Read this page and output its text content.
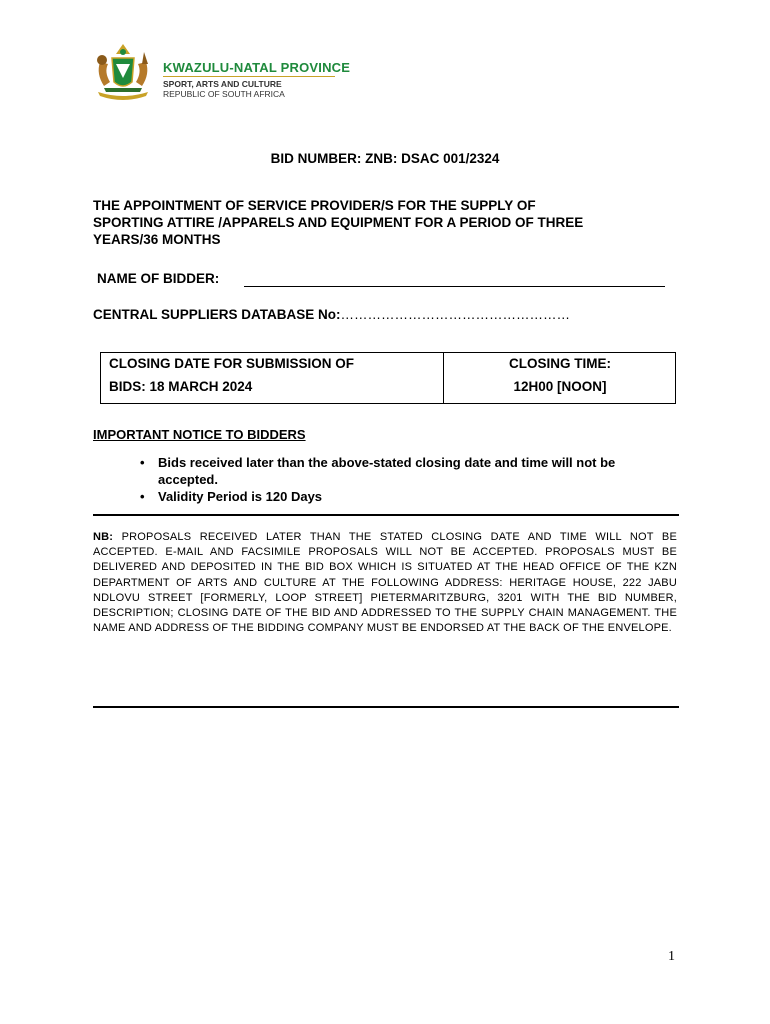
KWAZULU-NATAL PROVINCE
SPORT, ARTS AND CULTURE
REPUBLIC OF SOUTH AFRICA
BID NUMBER: ZNB: DSAC 001/2324
THE APPOINTMENT OF SERVICE PROVIDER/S FOR THE SUPPLY OF
SPORTING ATTIRE /APPARELS AND EQUIPMENT FOR A PERIOD OF THREE
YEARS/36 MONTHS
NAME OF BIDDER:
CENTRAL SUPPLIERS DATABASE No:……………………………………………
CLOSING DATE FOR SUBMISSION OF
BIDS: 18 MARCH 2024
CLOSING TIME:
12H00 [NOON]
IMPORTANT NOTICE TO BIDDERS
• Bids received later than the above-stated closing date and time will not be accepted.
• Validity Period is 120 Days
NB: PROPOSALS RECEIVED LATER THAN THE STATED CLOSING DATE AND TIME WILL NOT BE ACCEPTED. E-MAIL AND FACSIMILE PROPOSALS WILL NOT BE ACCEPTED. PROPOSALS MUST BE DELIVERED AND DEPOSITED IN THE BID BOX WHICH IS SITUATED AT THE HEAD OFFICE OF THE KZN DEPARTMENT OF ARTS AND CULTURE AT THE FOLLOWING ADDRESS: HERITAGE HOUSE, 222 JABU NDLOVU STREET [FORMERLY, LOOP STREET] PIETERMARITZBURG, 3201 WITH THE BID NUMBER, DESCRIPTION; CLOSING DATE OF THE BID AND ADDRESSED TO THE SUPPLY CHAIN MANAGEMENT. THE NAME AND ADDRESS OF THE BIDDING COMPANY MUST BE ENDORSED AT THE BACK OF THE ENVELOPE.
1
